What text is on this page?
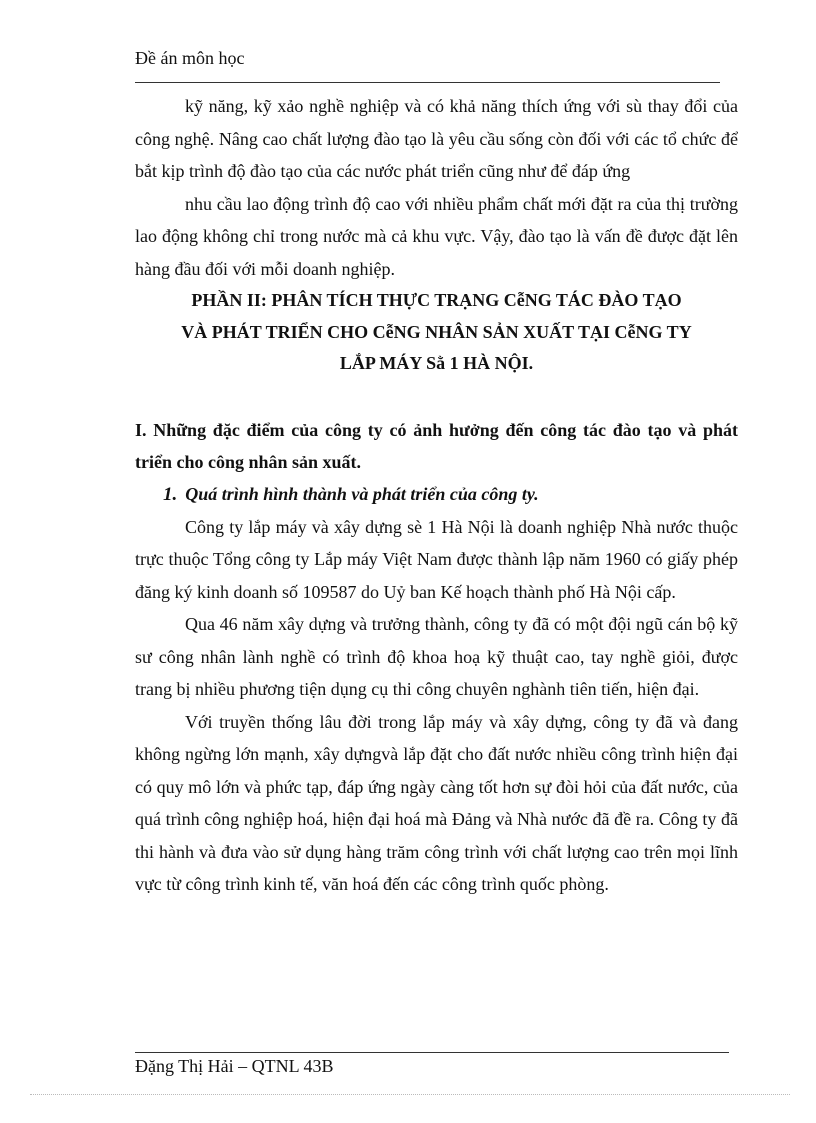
Đề án môn học

kỹ năng, kỹ xảo nghề nghiệp và có khả năng thích ứng với sù thay đổi của công nghệ. Nâng cao chất lượng đào tạo là yêu cầu sống còn đối với các tổ chức để bắt kịp trình độ đào tạo của các nước phát triển cũng như để đáp ứng

nhu cầu lao động trình độ cao với nhiều phẩm chất mới đặt ra của thị trường lao động không chỉ trong nước mà cả khu vực. Vậy, đào tạo là vấn đề được đặt lên hàng đầu đối với mỗi doanh nghiệp.

PHẦN II: PHÂN TÍCH THỰC TRẠNG CễNG TÁC ĐÀO TẠO

VÀ PHÁT TRIỂN CHO CễNG NHÂN SẢN XUẤT TẠI CễNG TY

LẮP MÁY Sằ 1 HÀ NỘI.

I. Những đặc điểm của công ty có ảnh hưởng đến công tác đào tạo và phát triển cho công nhân sản xuất.

1. Quá trình hình thành và phát triển của công ty.

Công ty lắp máy và xây dựng sè 1 Hà Nội là doanh nghiệp Nhà nước thuộc trực thuộc Tổng công ty Lắp máy Việt Nam được thành lập năm 1960 có giấy phép đăng ký kinh doanh số 109587 do Uỷ ban Kế hoạch thành phố Hà Nội cấp.

Qua 46 năm xây dựng và trưởng thành, công ty đã có một đội ngũ cán bộ kỹ sư công nhân lành nghề có trình độ khoa hoạ kỹ thuật cao, tay nghề giỏi, được trang bị nhiều phương tiện dụng cụ thi công chuyên nghành tiên tiến, hiện đại.

Với truyền thống lâu đời trong lắp máy và xây dựng, công ty đã và đang không ngừng lớn mạnh, xây dựngvà lắp đặt cho đất nước nhiều công trình hiện đại có quy mô lớn và phức tạp, đáp ứng ngày càng tốt hơn sự đòi hỏi của đất nước, của quá trình công nghiệp hoá, hiện đại hoá mà Đảng và Nhà nước đã đề ra. Công ty đã thi hành và đưa vào sử dụng hàng trăm công trình với chất lượng cao trên mọi lĩnh vực từ công trình kinh tế, văn hoá đến các công trình quốc phòng.

Đặng Thị Hải – QTNL 43B
